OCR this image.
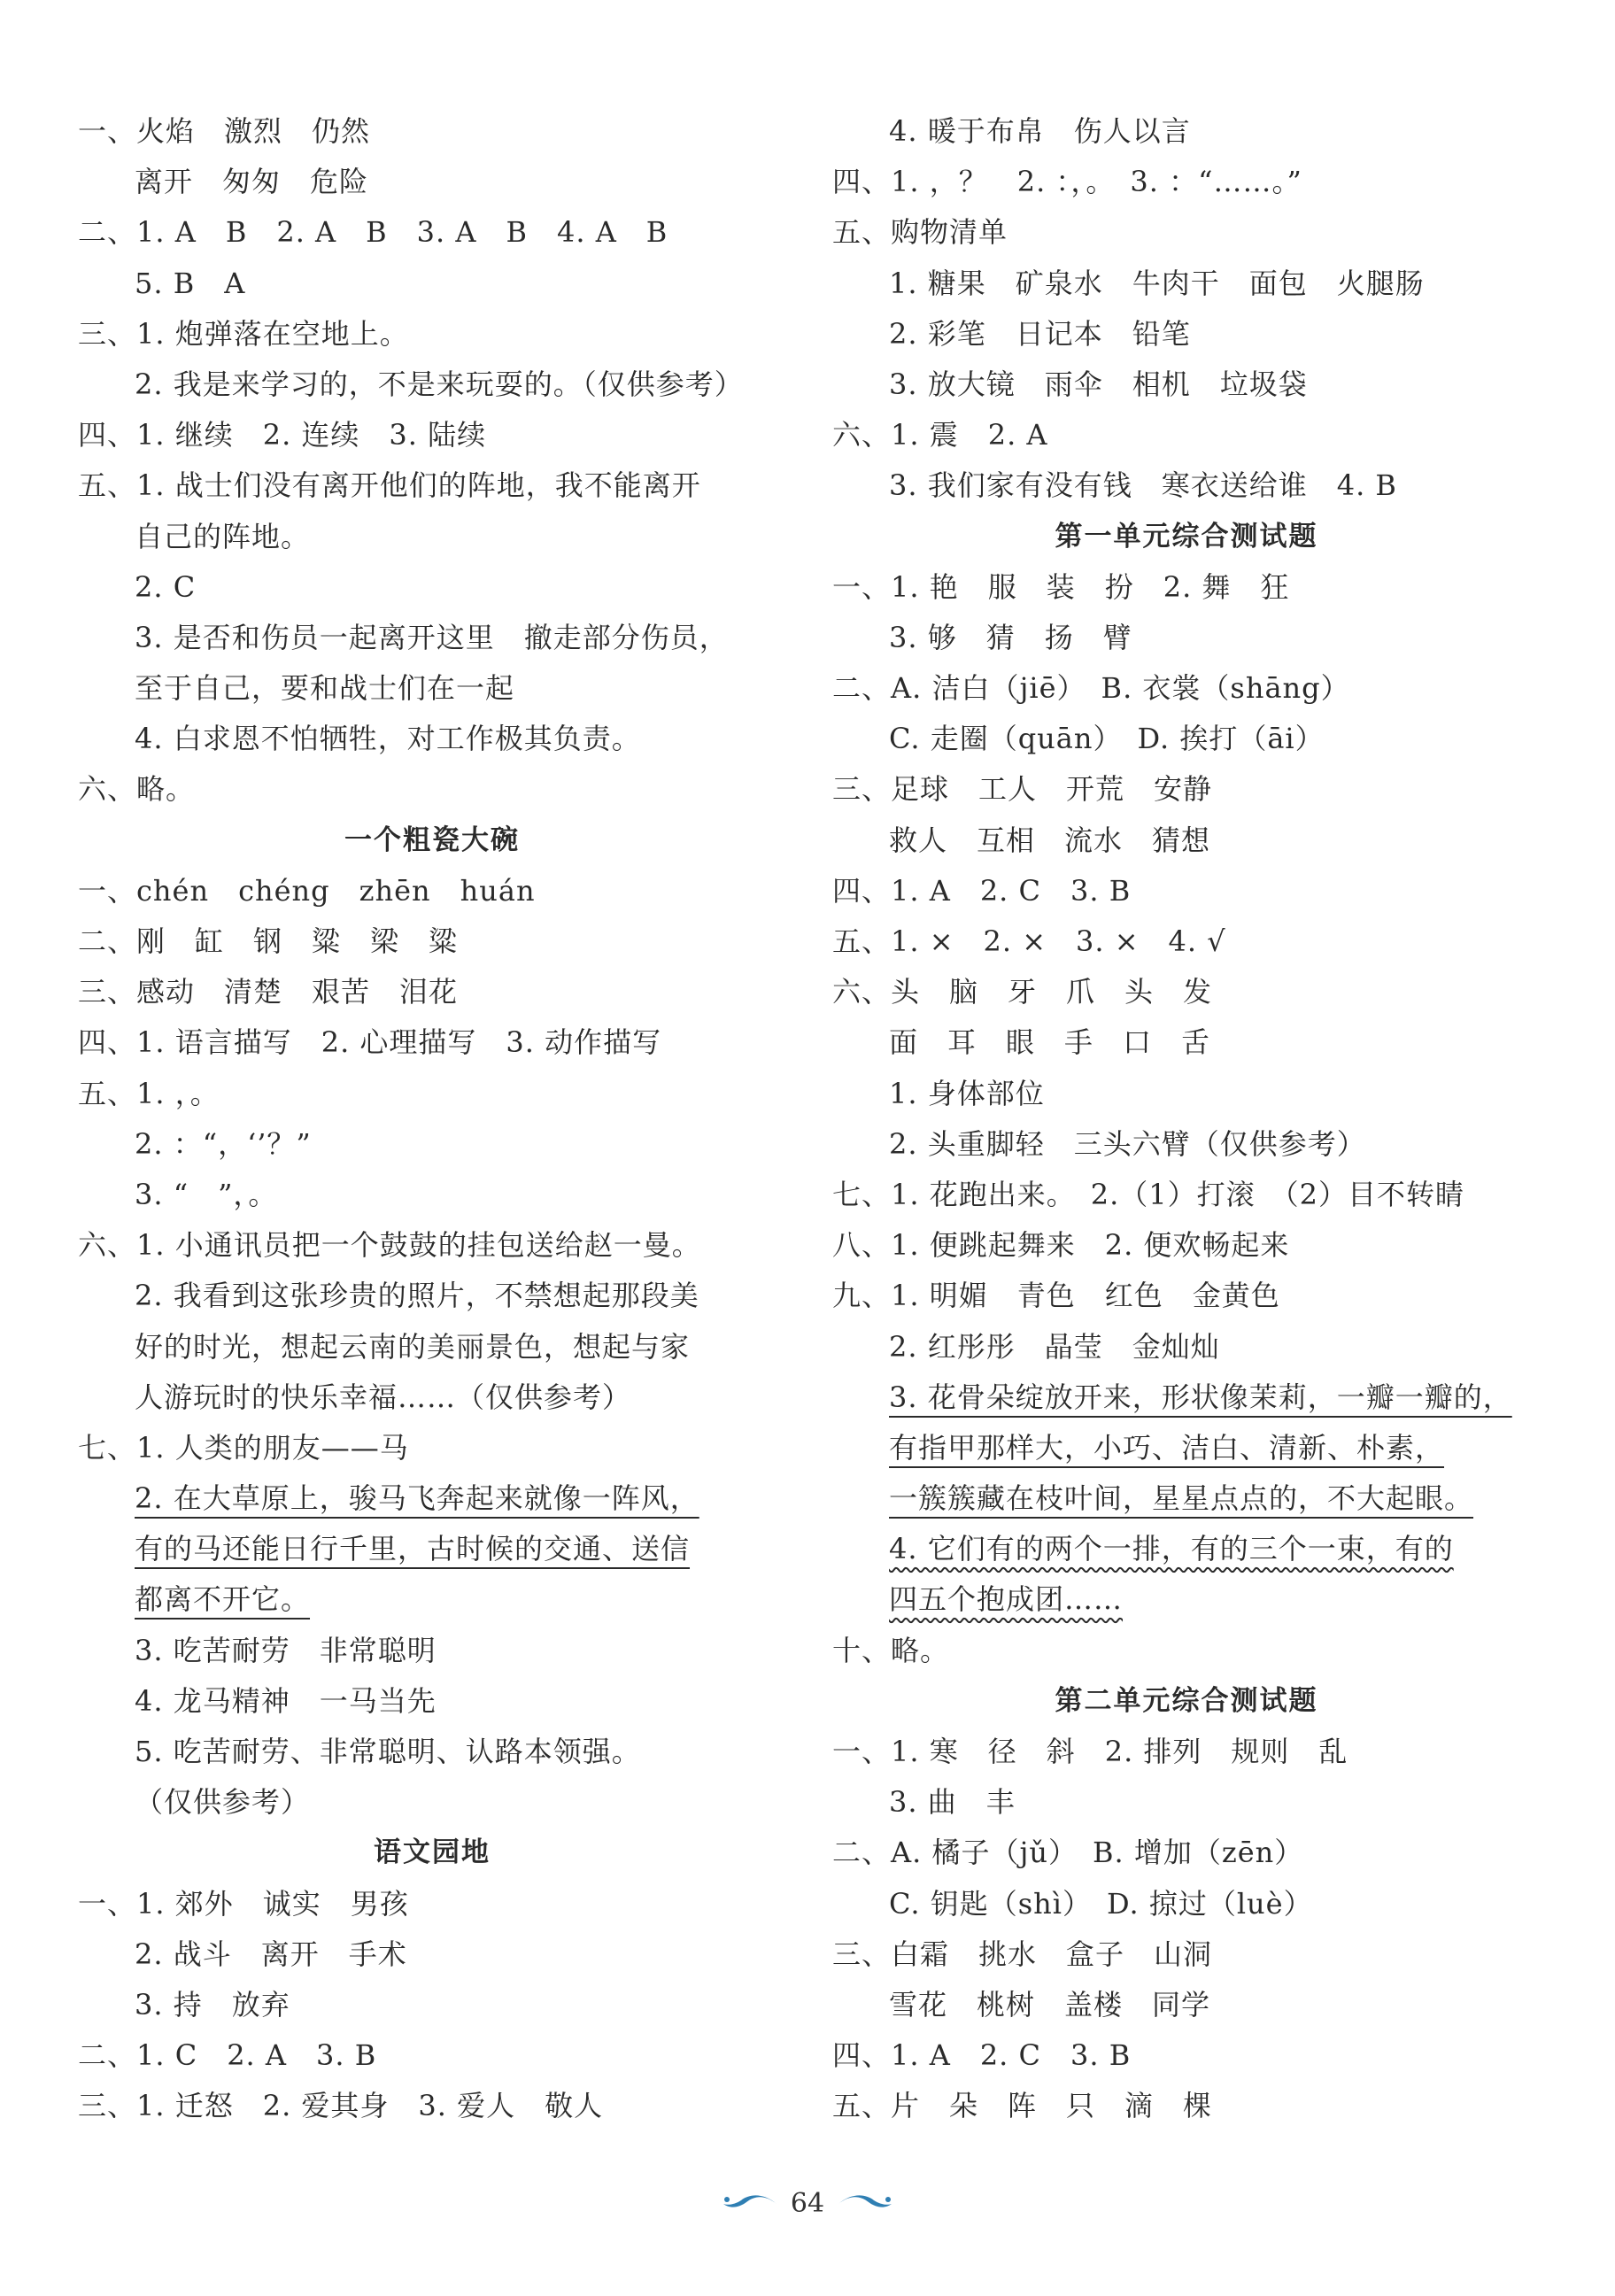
一、火焰　激烈　仍然
离开　匆匆　危险
二、1. A　B　2. A　B　3. A　B　4. A　B
5. B　A
三、1. 炮弹落在空地上。
2. 我是来学习的，不是来玩耍的。（仅供参考）
四、1. 继续　2. 连续　3. 陆续
五、1. 战士们没有离开他们的阵地，我不能离开
自己的阵地。
2. C
3. 是否和伤员一起离开这里　撤走部分伤员，
至于自己，要和战士们在一起
4. 白求恩不怕牺牲，对工作极其负责。
六、略。
一个粗瓷大碗
一、chén　chéng　zhēn　huán
二、刚　缸　钢　粱　梁　粱
三、感动　清楚　艰苦　泪花
四、1. 语言描写　2. 心理描写　3. 动作描写
五、1. ，。
2. ：“，‘’？”
3. “　”，。
六、1. 小通讯员把一个鼓鼓的挂包送给赵一曼。
2. 我看到这张珍贵的照片，不禁想起那段美
好的时光，想起云南的美丽景色，想起与家
人游玩时的快乐幸福……（仅供参考）
七、1. 人类的朋友——马
2. 在大草原上，骏马飞奔起来就像一阵风，
有的马还能日行千里，古时候的交通、送信
都离不开它。
3. 吃苦耐劳　非常聪明
4. 龙马精神　一马当先
5. 吃苦耐劳、非常聪明、认路本领强。
（仅供参考）
语文园地
一、1. 郊外　诚实　男孩
2. 战斗　离开　手术
3. 持　放弃
二、1. C　2. A　3. B
三、1. 迁怒　2. 爱其身　3. 爱人　敬人
4. 暖于布帛　伤人以言
四、1. ，？　2. ：，。　3. ：“……。”
五、购物清单
1. 糖果　矿泉水　牛肉干　面包　火腿肠
2. 彩笔　日记本　铅笔
3. 放大镜　雨伞　相机　垃圾袋
六、1. 震　2. A
3. 我们家有没有钱　寒衣送给谁　4. B
第一单元综合测试题
一、1. 艳　服　装　扮　2. 舞　狂
3. 够　猜　扬　臂
二、A. 洁白（jiē）　B. 衣裳（shāng）
C. 走圈（quān）　D. 挨打（āi）
三、足球　工人　开荒　安静
救人　互相　流水　猜想
四、1. A　2. C　3. B
五、1. ×　2. ×　3. ×　4. √
六、头　脑　牙　爪　头　发
面　耳　眼　手　口　舌
1. 身体部位
2. 头重脚轻　三头六臂（仅供参考）
七、1. 花跑出来。　2.（1）打滚　（2）目不转睛
八、1. 便跳起舞来　2. 便欢畅起来
九、1. 明媚　青色　红色　金黄色
2. 红彤彤　晶莹　金灿灿
3. 花骨朵绽放开来，形状像茉莉，一瓣一瓣的，
有指甲那样大，小巧、洁白、清新、朴素，
一簇簇藏在枝叶间，星星点点的，不大起眼。
4. 它们有的两个一排，有的三个一束，有的
四五个抱成团……
十、略。
第二单元综合测试题
一、1. 寒　径　斜　2. 排列　规则　乱
3. 曲　丰
二、A. 橘子（jǔ）　B. 增加（zēn）
C. 钥匙（shì）　D. 掠过（luè）
三、白霜　挑水　盒子　山洞
雪花　桃树　盖楼　同学
四、1. A　2. C　3. B
五、片　朵　阵　只　滴　棵
64
